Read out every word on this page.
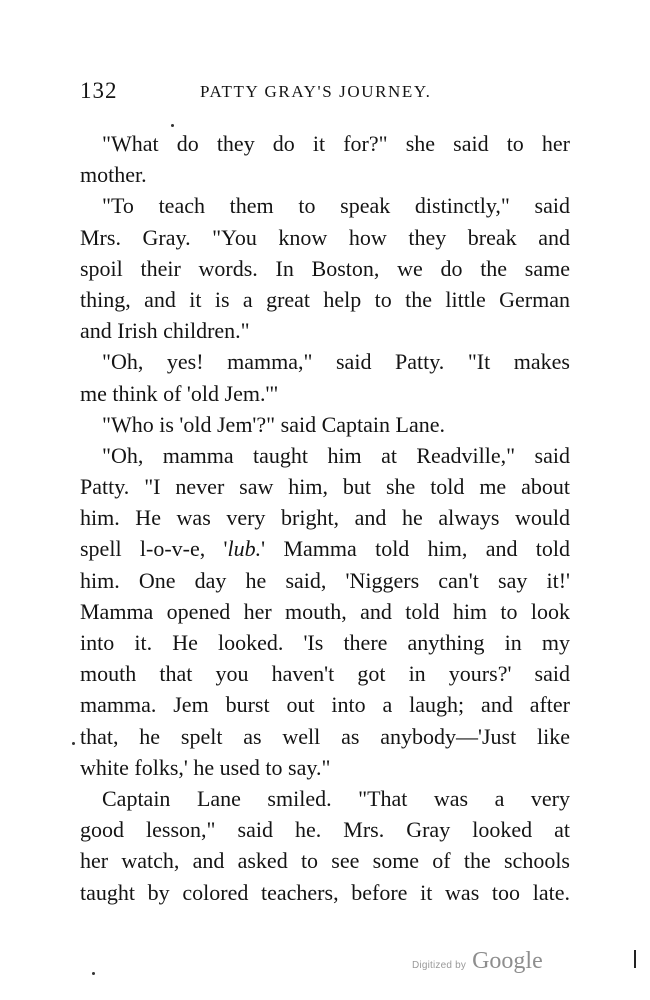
132	PATTY GRAY'S JOURNEY.
"What do they do it for?" she said to her
mother.
"To teach them to speak distinctly," said
Mrs. Gray. "You know how they break and
spoil their words. In Boston, we do the same
thing, and it is a great help to the little German
and Irish children."
"Oh, yes! mamma," said Patty. "It makes
me think of 'old Jem.'"
"Who is 'old Jem'?" said Captain Lane.
"Oh, mamma taught him at Readville," said
Patty. "I never saw him, but she told me about
him. He was very bright, and he always would
spell l-o-v-e, 'lub.' Mamma told him, and told
him. One day he said, 'Niggers can't say it!'
Mamma opened her mouth, and told him to look
into it. He looked. 'Is there anything in my
mouth that you haven't got in yours?' said
mamma. Jem burst out into a laugh; and after
that, he spelt as well as anybody—'Just like
white folks,' he used to say."
Captain Lane smiled. "That was a very
good lesson," said he. Mrs. Gray looked at
her watch, and asked to see some of the schools
taught by colored teachers, before it was too late.
Digitized by Google
